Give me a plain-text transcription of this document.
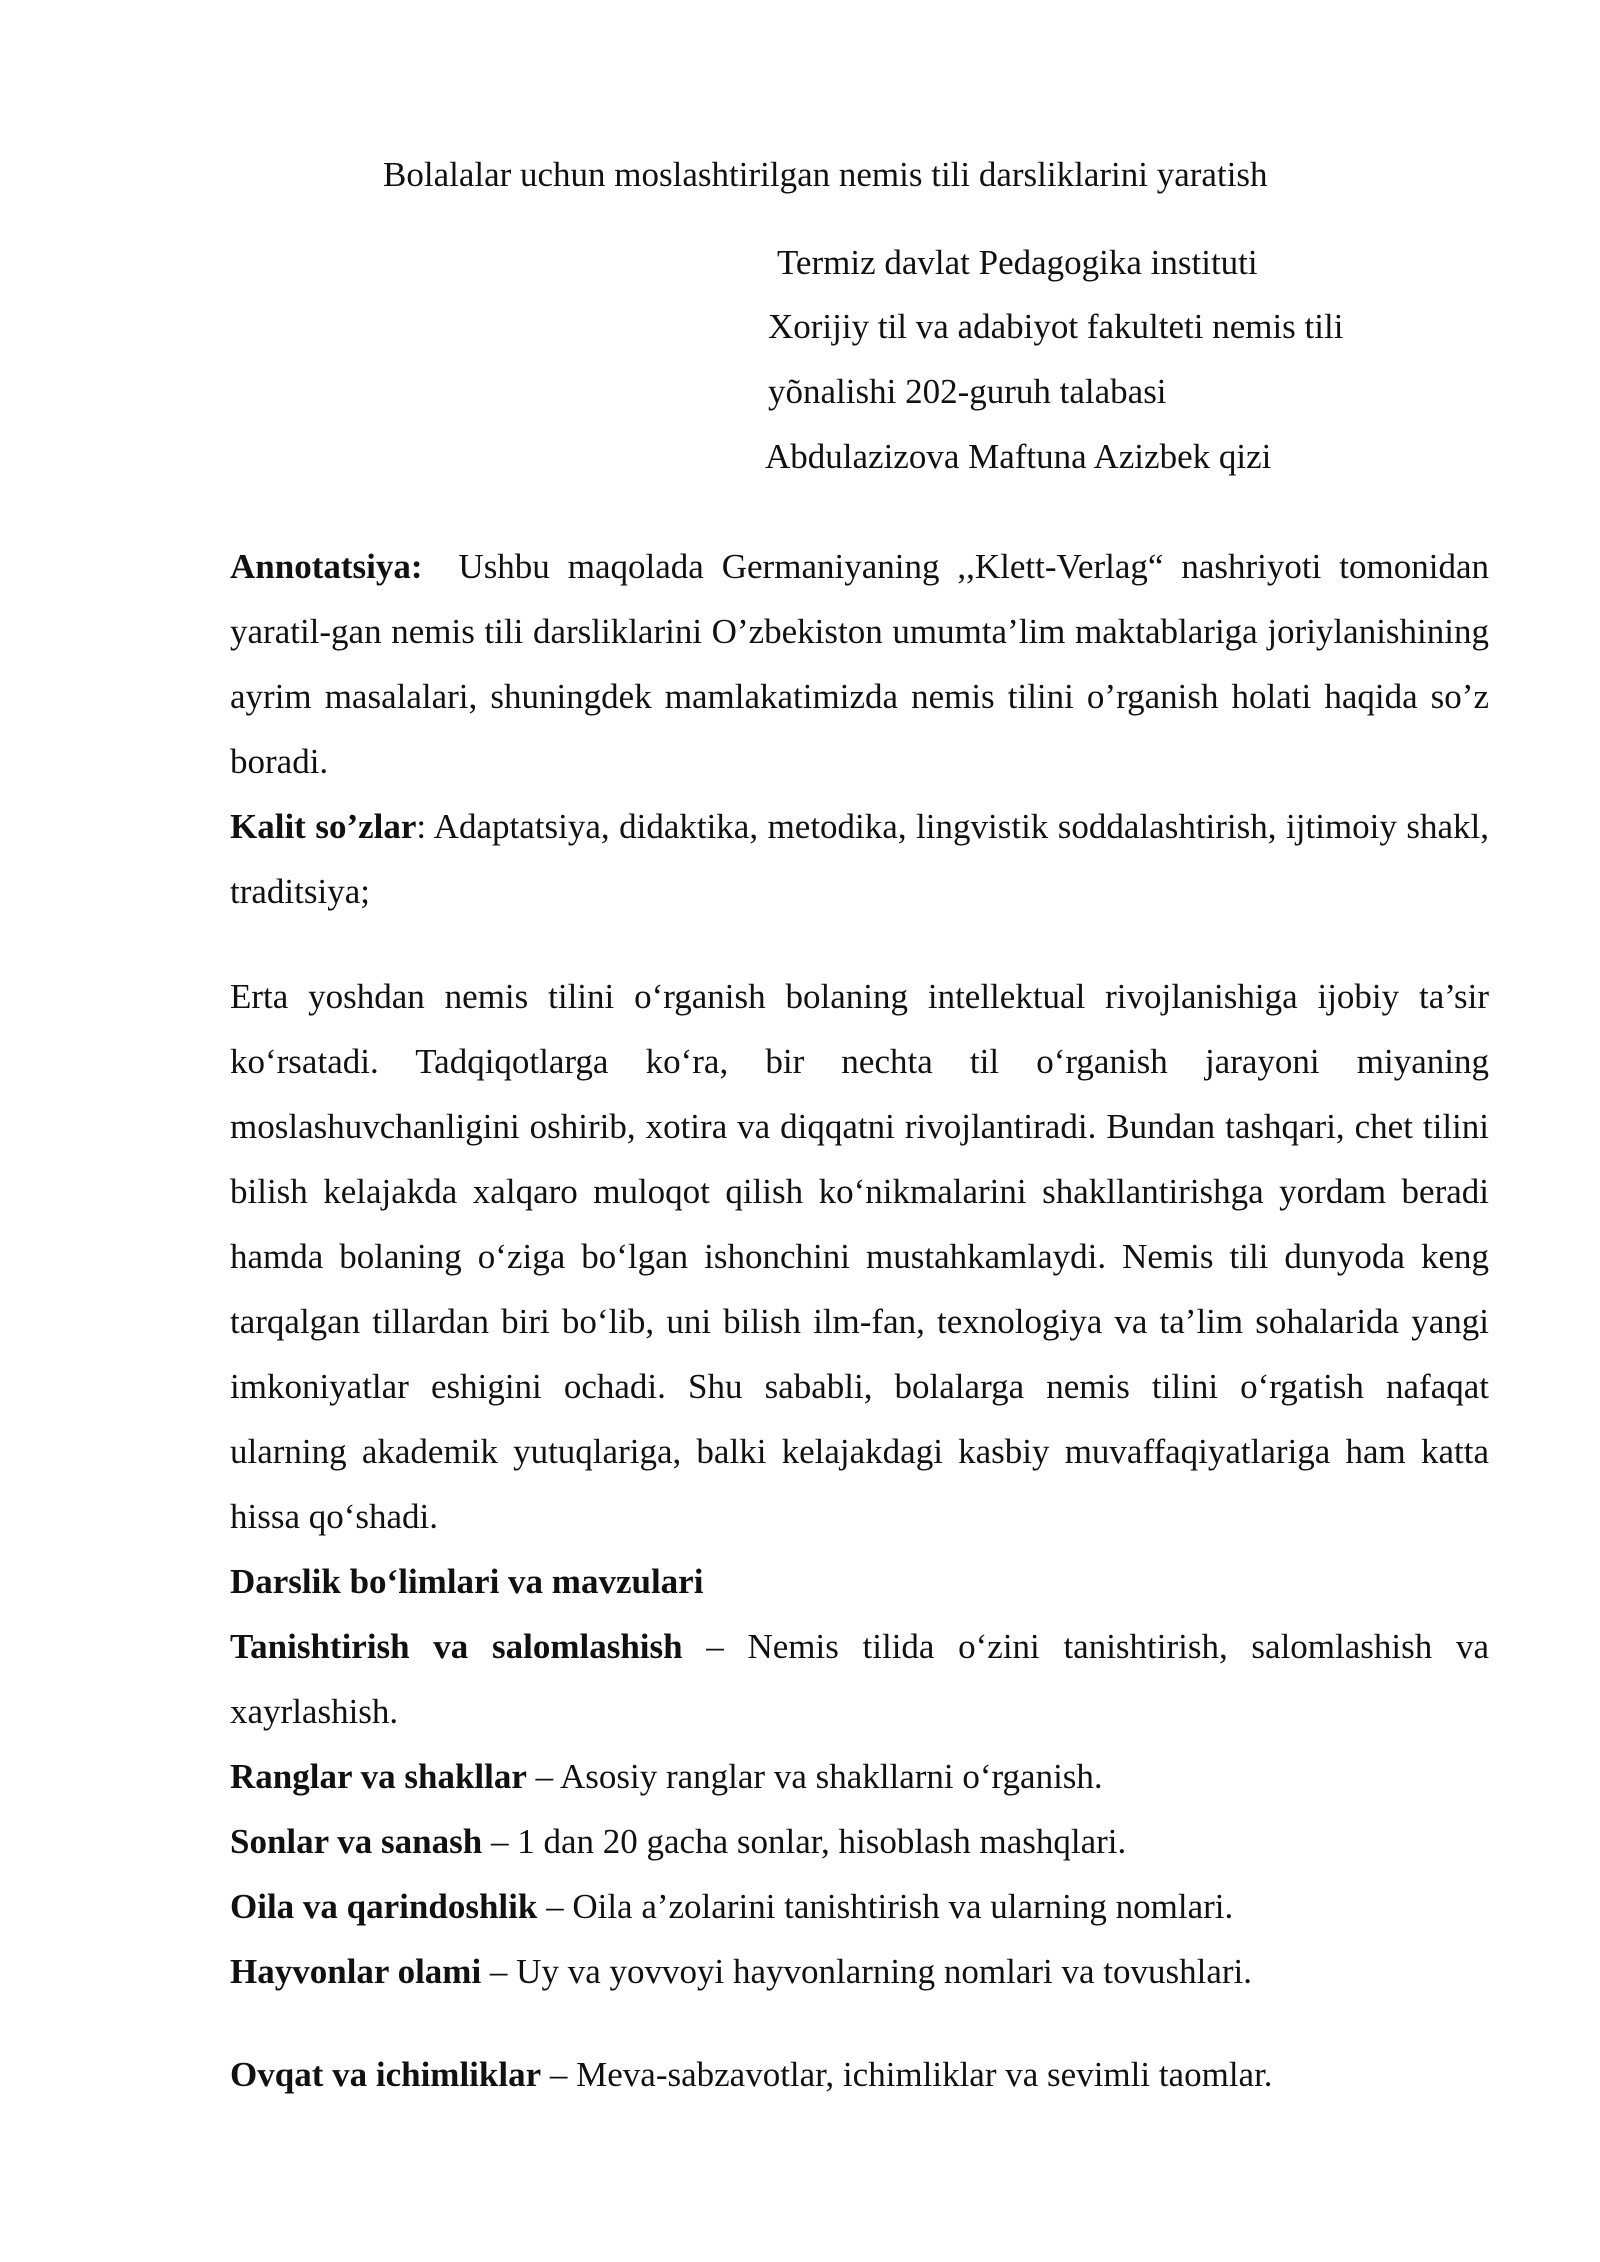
Bolalalar uchun moslashtirilgan nemis tili darsliklarini yaratish
Termiz davlat Pedagogika instituti
Xorijiy til va adabiyot fakulteti nemis tili
yõnalishi 202-guruh talabasi
Abdulazizova Maftuna Azizbek qizi

Annotatsiya:  Ushbu maqolada Germaniyaning ,,Klett-Verlag“ nashriyoti tomonidan yaratil-gan nemis tili darsliklarini O’zbekiston umumta’lim maktablariga joriylanishining ayrim masalalari, shuningdek mamlakatimizda nemis tilini o’rganish holati haqida so’z boradi.

Kalit so’zlar: Adaptatsiya, didaktika, metodika, lingvistik soddalashtirish, ijtimoiy shakl, traditsiya;

Erta yoshdan nemis tilini o‘rganish bolaning intellektual rivojlanishiga ijobiy ta’sir ko‘rsatadi. Tadqiqotlarga ko‘ra, bir nechta til o‘rganish jarayoni miyaning moslashuvchanligini oshirib, xotira va diqqatni rivojlantiradi. Bundan tashqari, chet tilini bilish kelajakda xalqaro muloqot qilish ko‘nikmalarini shakllantirishga yordam beradi hamda bolaning o‘ziga bo‘lgan ishonchini mustahkamlaydi. Nemis tili dunyoda keng tarqalgan tillardan biri bo‘lib, uni bilish ilm-fan, texnologiya va ta’lim sohalarida yangi imkoniyatlar eshigini ochadi. Shu sababli, bolalarga nemis tilini o‘rgatish nafaqat ularning akademik yutuqlariga, balki kelajakdagi kasbiy muvaffaqiyatlariga ham katta hissa qo‘shadi.

Darslik bo‘limlari va mavzulari

Tanishtirish va salomlashish – Nemis tilida o‘zini tanishtirish, salomlashish va xayrlashish.

Ranglar va shakllar – Asosiy ranglar va shakllarni o‘rganish.

Sonlar va sanash – 1 dan 20 gacha sonlar, hisoblash mashqlari.

Oila va qarindoshlik – Oila a’zolarini tanishtirish va ularning nomlari.

Hayvonlar olami – Uy va yovvoyi hayvonlarning nomlari va tovushlari.

Ovqat va ichimliklar – Meva-sabzavotlar, ichimliklar va sevimli taomlar.
